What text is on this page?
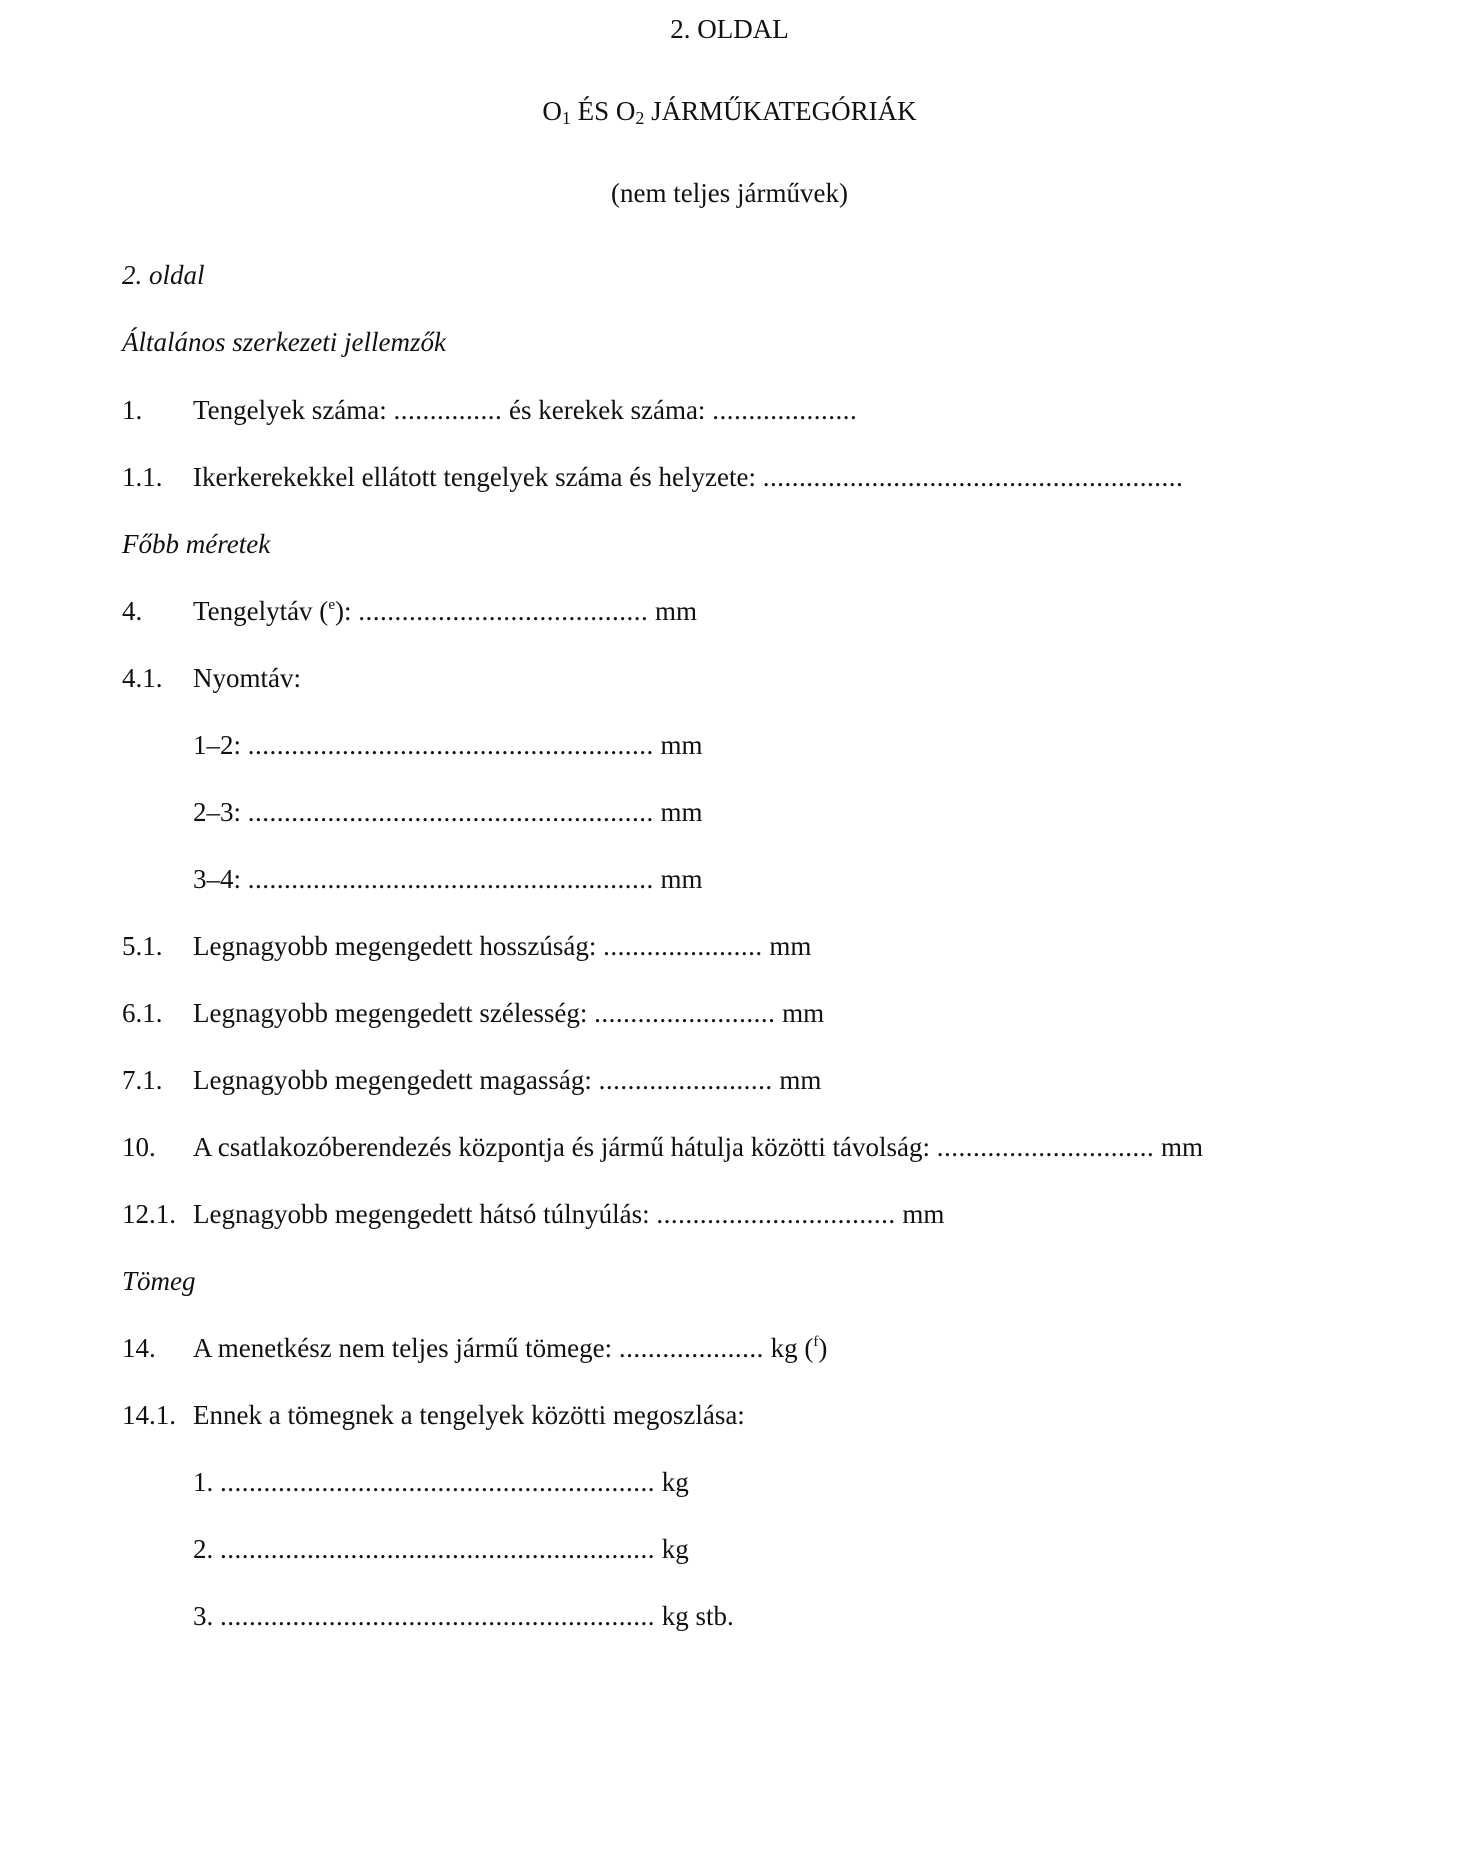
2. OLDAL
$O_1$ ÉS $O_2$ JÁRMŰKATEGÓRIÁK
(nem teljes járművek)
2. oldal
Általános szerkezeti jellemzők
1. Tengelyek száma: ............... és kerekek száma: ....................
1.1. Ikerkerekekkel ellátott tengelyek száma és helyzete: ..........................................................
Főbb méretek
4. Tengelytáv ($^e$): ........................................ mm
4.1. Nyomtáv:
1–2: ........................................................ mm
2–3: ........................................................ mm
3–4: ........................................................ mm
5.1. Legnagyobb megengedett hosszúság: ...................... mm
6.1. Legnagyobb megengedett szélesség: ......................... mm
7.1. Legnagyobb megengedett magasság: ........................ mm
10. A csatlakozóberendezés központja és jármű hátulja közötti távolság: .............................. mm
12.1. Legnagyobb megengedett hátsó túlnyúlás: ................................. mm
Tömeg
14. A menetkész nem teljes jármű tömege: .................... kg ($^f$)
14.1. Ennek a tömegnek a tengelyek közötti megoszlása:
1. ............................................................ kg
2. ............................................................ kg
3. ............................................................ kg stb.
